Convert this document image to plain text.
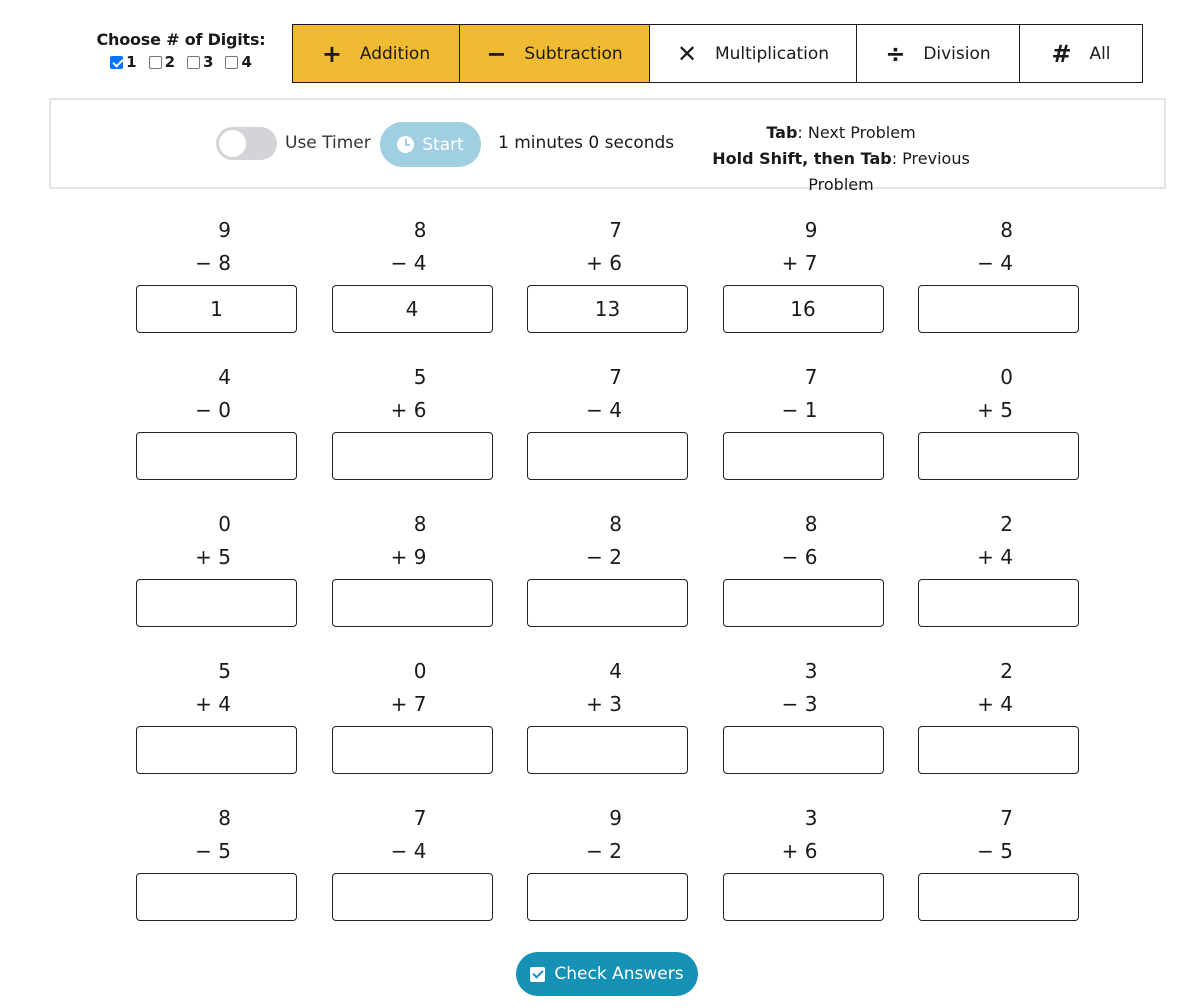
Choose # of Digits:
1 2 3 4	+ Addition − Subtraction ✕ Multiplication ÷ Division	# All
Use Timer	Start 1 minutes 0 seconds
Tab: Next Problem
Hold Shift, then Tab: Previous Problem
9
− 8
1
8
− 4
4
7
+ 6
13
9
+ 7
16
8
− 4
4
− 0
5
+ 6
7
− 4
7
− 1
0
+ 5
0
+ 5
8
+ 9
8
− 2
8
− 6
2
+ 4
5
+ 4
0
+ 7
4
+ 3
3
− 3
2
+ 4
8
− 5
7
− 4
9
− 2
3
+ 6
7
− 5
Check Answers
